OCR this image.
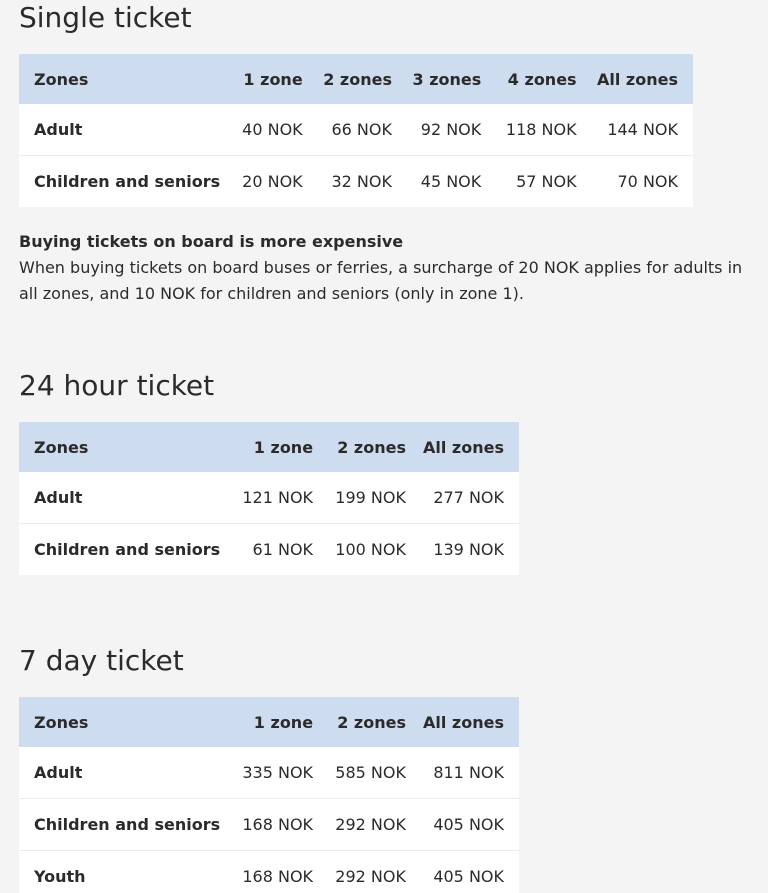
Single ticket
Zones	1 zone	2 zones	3 zones	4 zones	All zones
Adult	40 NOK	66 NOK	92 NOK	118 NOK	144 NOK
Children and seniors	20 NOK	32 NOK	45 NOK	57 NOK	70 NOK
Buying tickets on board is more expensive
When buying tickets on board buses or ferries, a surcharge of 20 NOK applies for adults in all zones, and 10 NOK for children and seniors (only in zone 1).
24 hour ticket
Zones	1 zone	2 zones	All zones
Adult	121 NOK	199 NOK	277 NOK
Children and seniors	61 NOK	100 NOK	139 NOK
7 day ticket
Zones	1 zone	2 zones	All zones
Adult	335 NOK	585 NOK	811 NOK
Children and seniors	168 NOK	292 NOK	405 NOK
Youth	168 NOK	292 NOK	405 NOK
